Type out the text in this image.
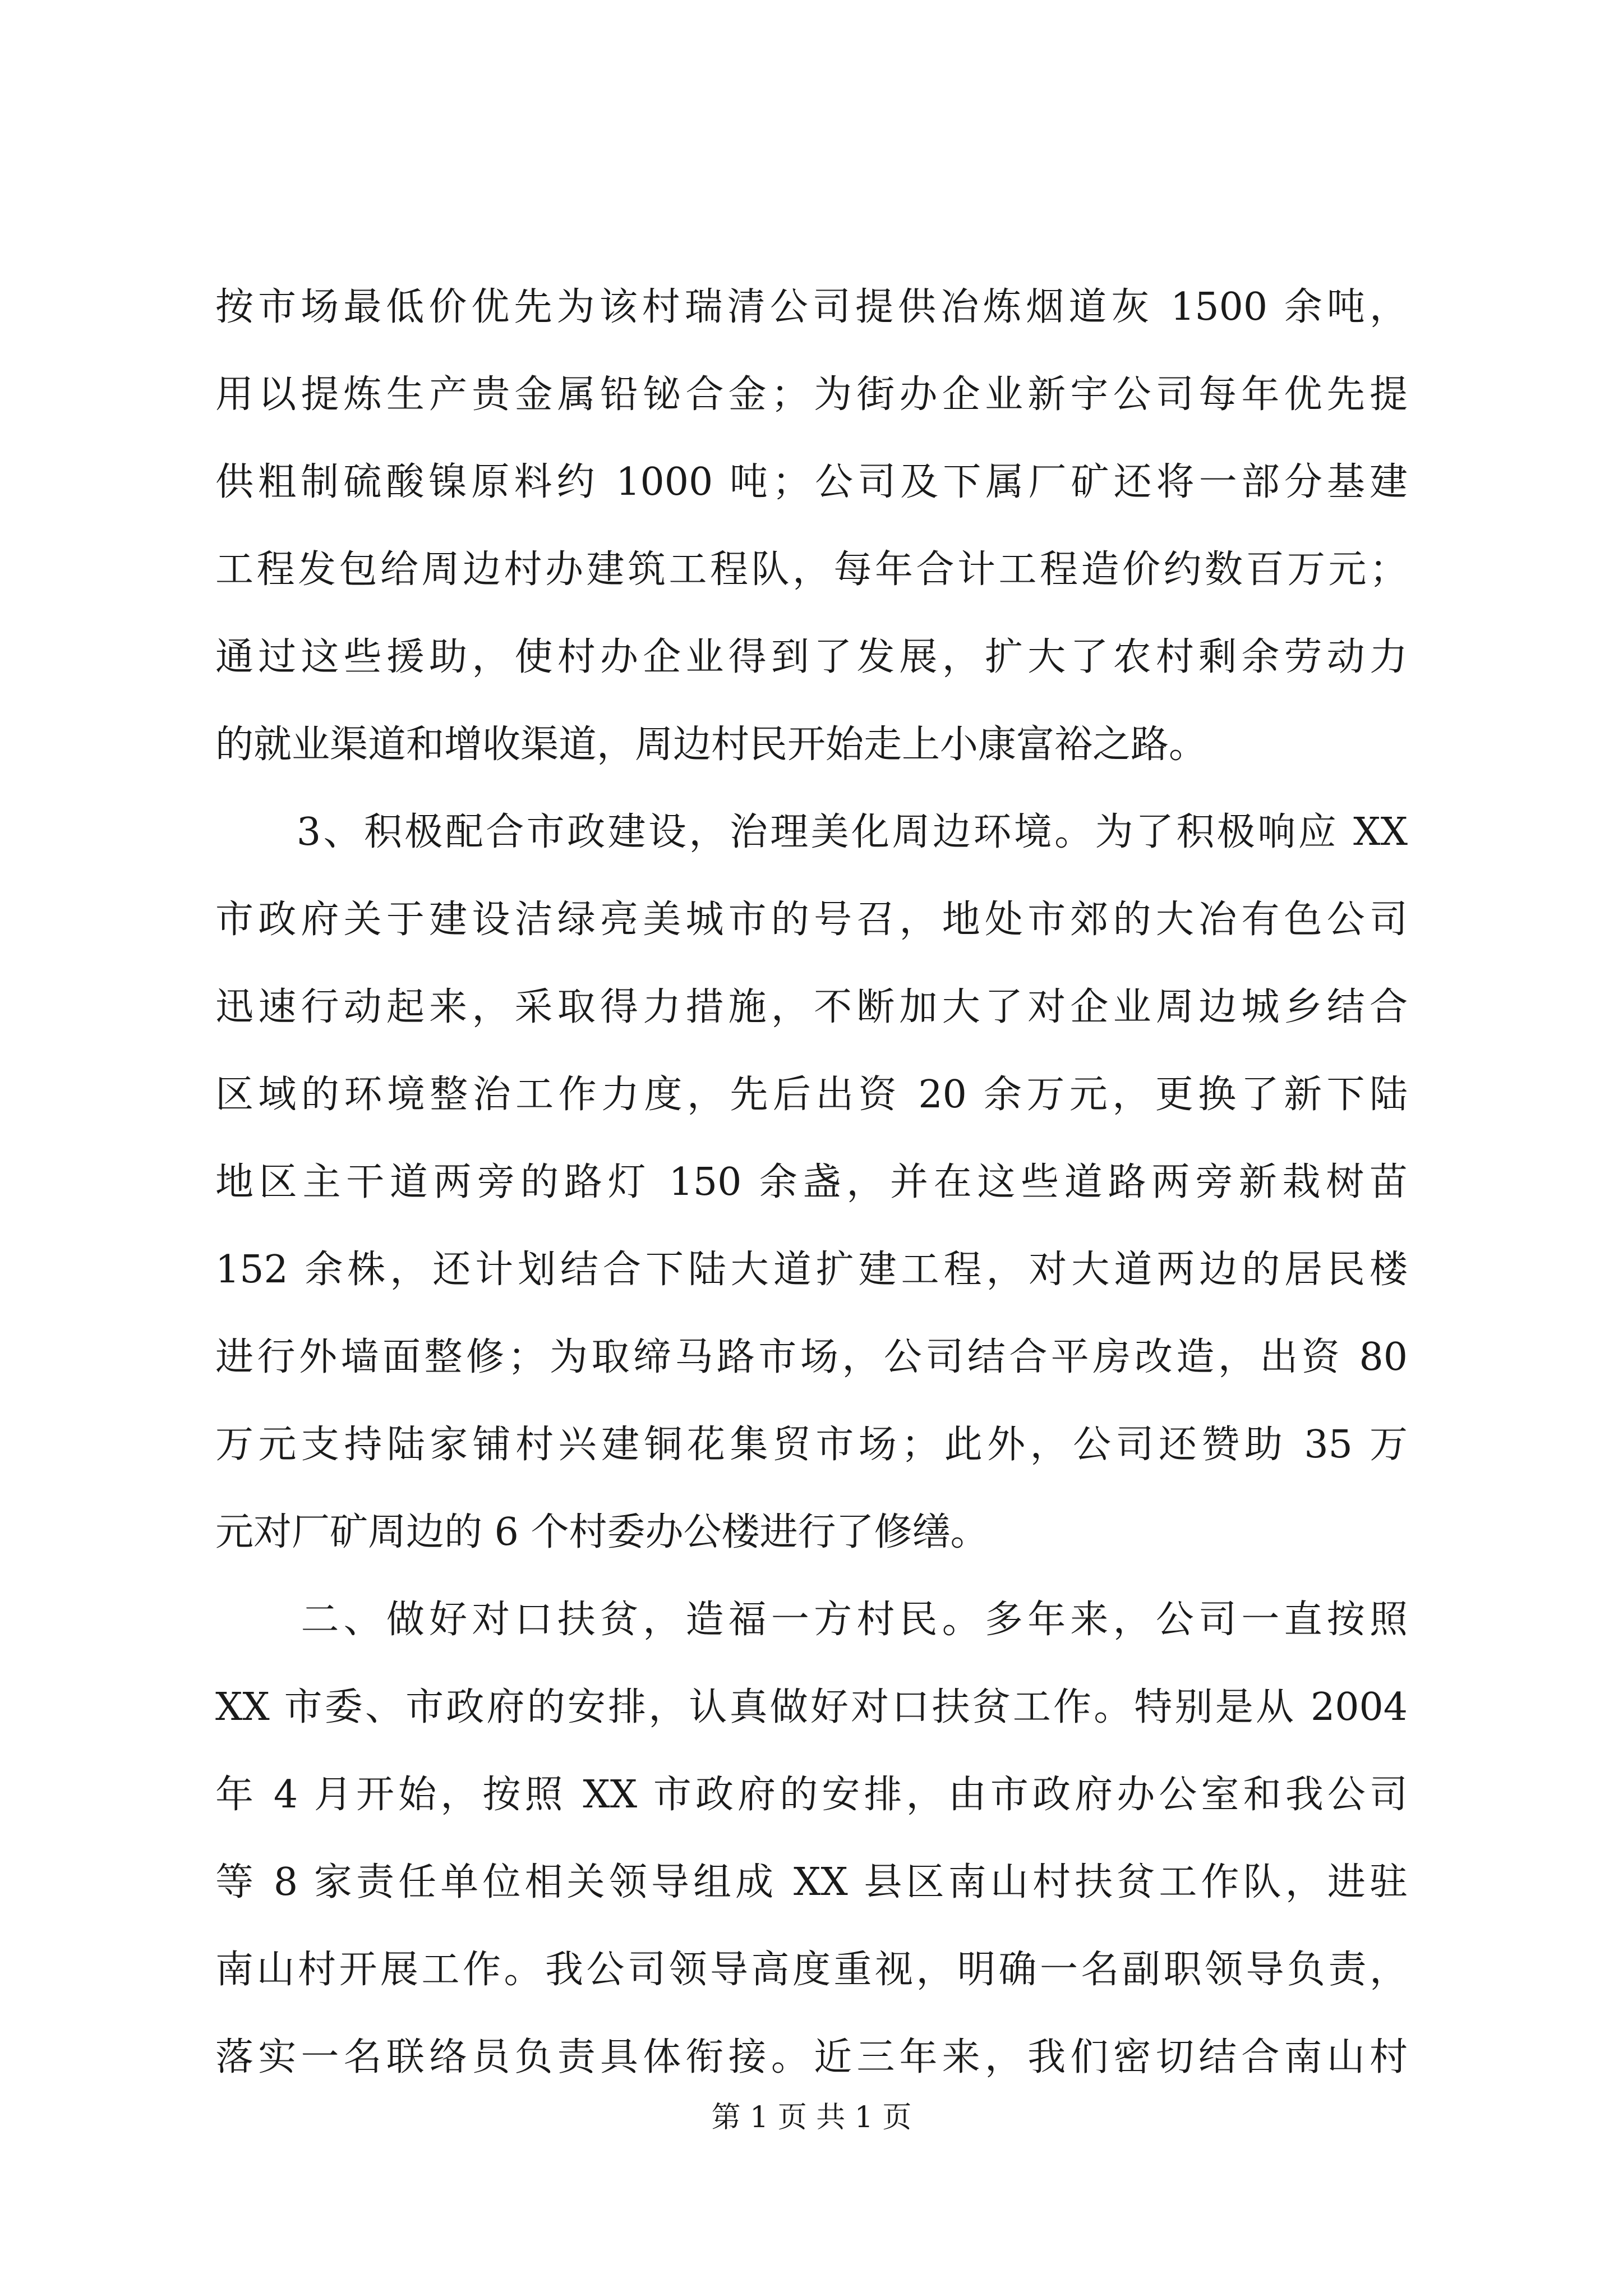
按市场最低价优先为该村瑞清公司提供冶炼烟道灰 1500 余吨，
用以提炼生产贵金属铅铋合金；为街办企业新宇公司每年优先提
供粗制硫酸镍原料约 1000 吨；公司及下属厂矿还将一部分基建
工程发包给周边村办建筑工程队，每年合计工程造价约数百万元；
通过这些援助，使村办企业得到了发展，扩大了农村剩余劳动力
的就业渠道和增收渠道，周边村民开始走上小康富裕之路。
　　3、积极配合市政建设，治理美化周边环境。为了积极响应 XX
市政府关于建设洁绿亮美城市的号召，地处市郊的大冶有色公司
迅速行动起来，采取得力措施，不断加大了对企业周边城乡结合
区域的环境整治工作力度，先后出资 20 余万元，更换了新下陆
地区主干道两旁的路灯 150 余盏，并在这些道路两旁新栽树苗
152 余株，还计划结合下陆大道扩建工程，对大道两边的居民楼
进行外墙面整修；为取缔马路市场，公司结合平房改造，出资 80
万元支持陆家铺村兴建铜花集贸市场；此外，公司还赞助 35 万
元对厂矿周边的 6 个村委办公楼进行了修缮。
　　二、做好对口扶贫，造福一方村民。多年来，公司一直按照
XX 市委、市政府的安排，认真做好对口扶贫工作。特别是从 2004
年 4 月开始，按照 XX 市政府的安排，由市政府办公室和我公司
等 8 家责任单位相关领导组成 XX 县区南山村扶贫工作队，进驻
南山村开展工作。我公司领导高度重视，明确一名副职领导负责，
落实一名联络员负责具体衔接。近三年来，我们密切结合南山村
第 1 页 共 1 页
